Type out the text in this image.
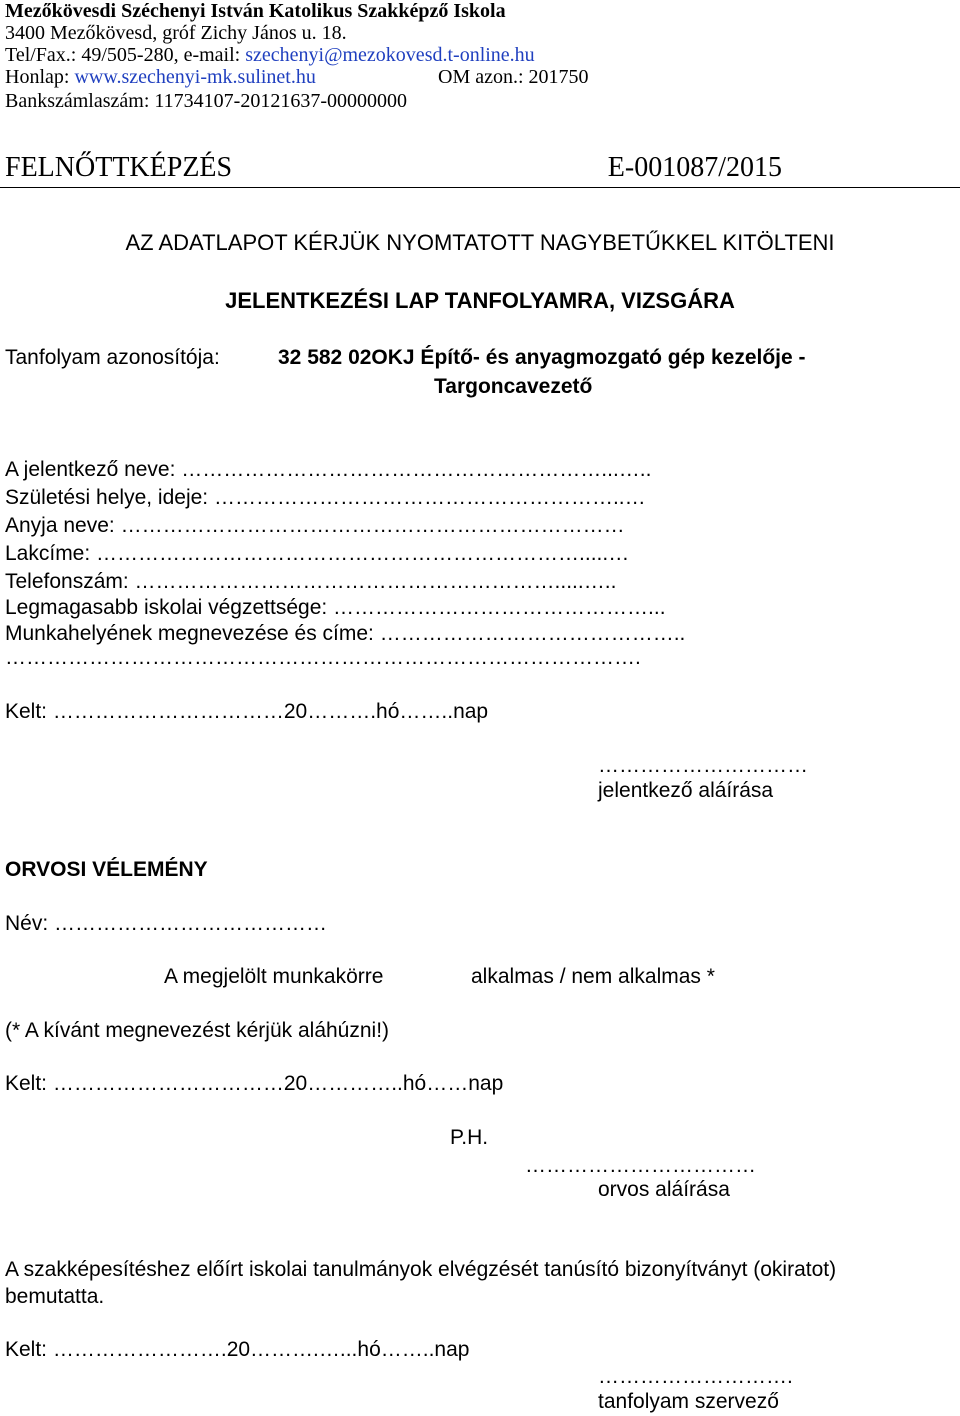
Mezőkövesdi Széchenyi István Katolikus Szakképző Iskola
3400 Mezőkövesd, gróf Zichy János u. 18.
Tel/Fax.: 49/505-280, e-mail: szechenyi@mezokovesd.t-online.hu
Honlap: www.szechenyi-mk.sulinet.hu	OM azon.: 201750
Bankszámlaszám: 11734107-20121637-00000000
FELNŐTTKÉPZÉS	E-001087/2015
AZ ADATLAPOT KÉRJÜK NYOMTATOTT NAGYBETŰKKEL KITÖLTENI
JELENTKEZÉSI LAP TANFOLYAMRA, VIZSGÁRA
Tanfolyam azonosítója:	32 582 02OKJ Építő- és anyagmozgató gép kezelője -
Targoncavezető
A jelentkező neve: ……………………………………………………...…..
Születési helye, ideje: …………………………………………………..…
Anyja neve: ………………………………………………………………
Lakcíme: …………………………………………………………….....…
Telefonszám: …………………………………………………….....…..
Legmagasabb iskolai végzettsége: ………………………………………...
Munkahelyének megnevezése és címe: ……………………………………..
……………………………………………………………………………….
Kelt: ……………………………20……….hó……..nap
…………………………
jelentkező aláírása
ORVOSI VÉLEMÉNY
Név: …………………………………
A megjelölt munkakörre	alkalmas / nem alkalmas *
(* A kívánt megnevezést kérjük aláhúzni!)
Kelt: ……………………………20…………..hó……nap
P.H.
……………………………
orvos aláírása
A szakképesítéshez előírt iskolai tanulmányok elvégzését tanúsító bizonyítványt (okiratot)
bemutatta.
Kelt: …………………….20……….…...hó……..nap
……………………….
tanfolyam szervező
